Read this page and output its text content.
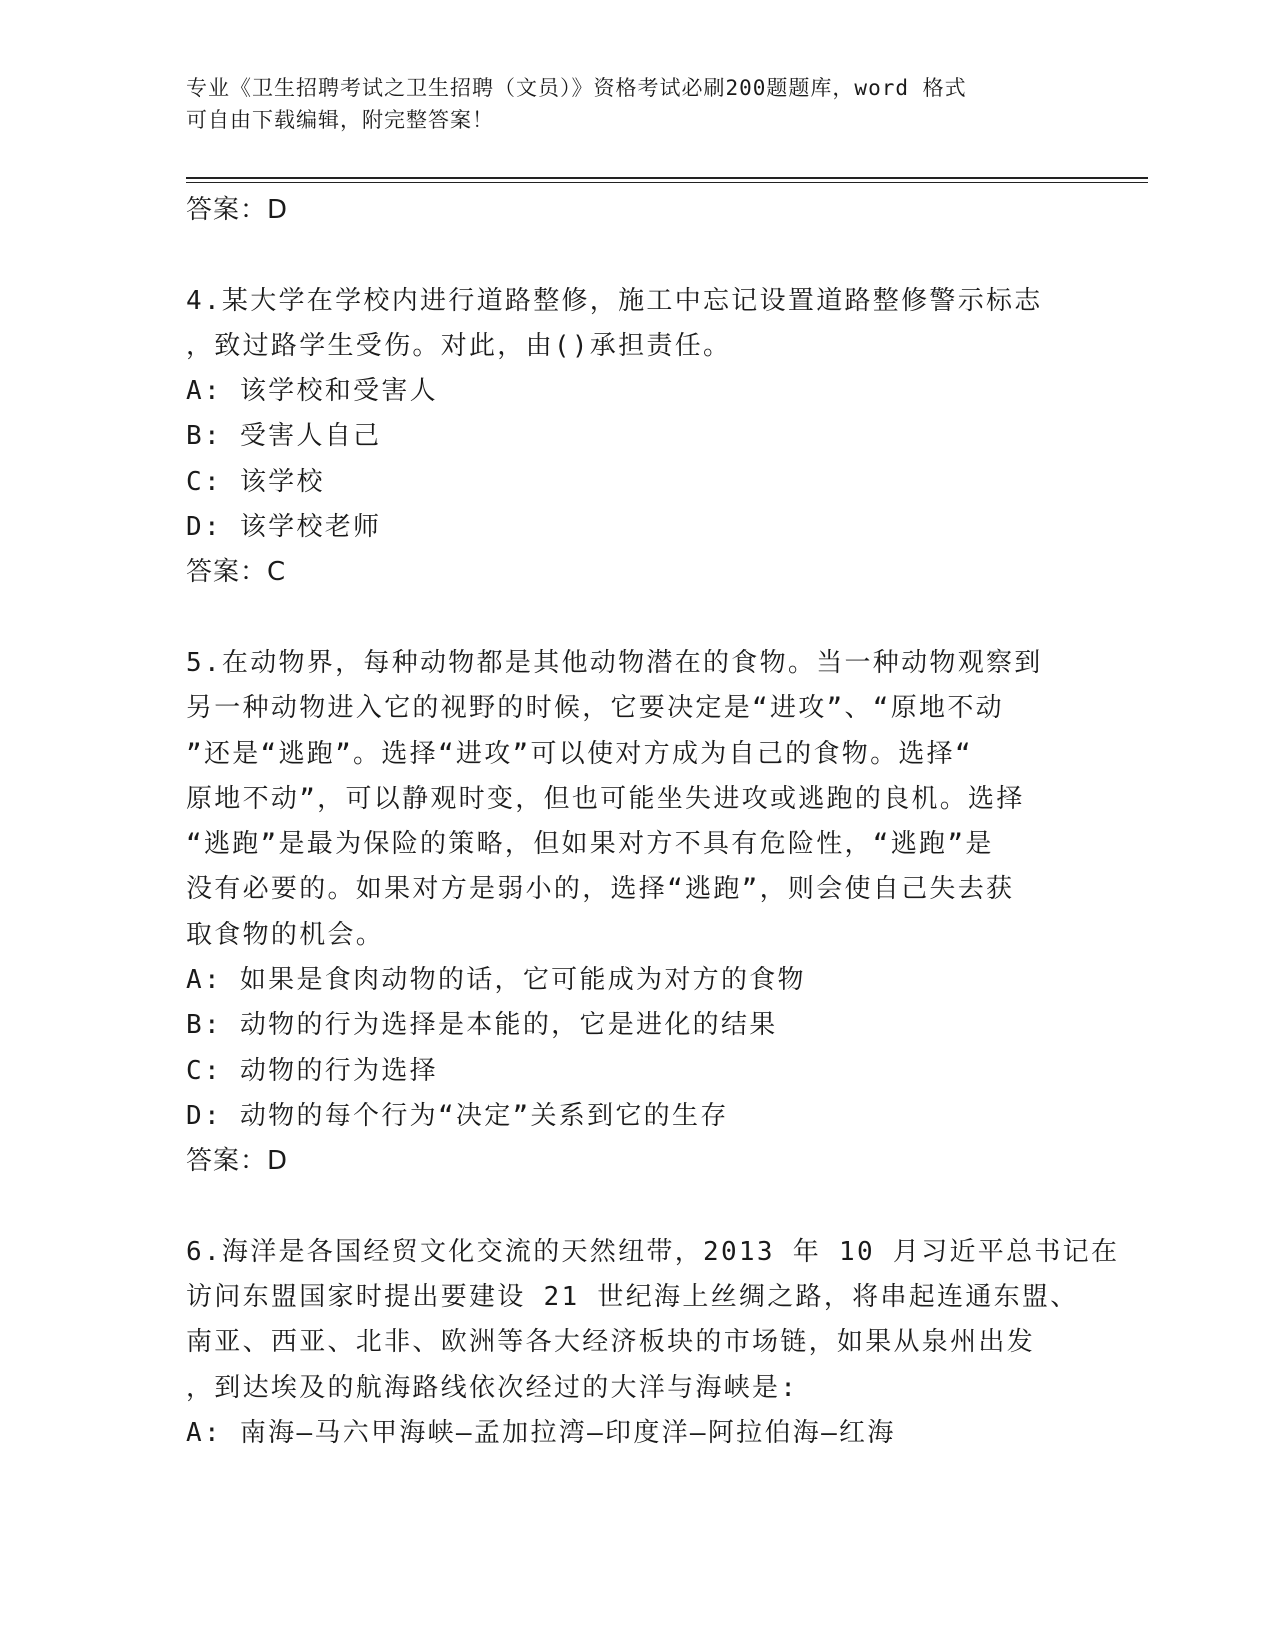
专业《卫生招聘考试之卫生招聘（文员）》资格考试必刷200题题库，word 格式
可自由下载编辑，附完整答案！
答案：D
4.某大学在学校内进行道路整修，施工中忘记设置道路整修警示标志
，致过路学生受伤。对此，由()承担责任。
A: 该学校和受害人
B: 受害人自己
C: 该学校
D: 该学校老师
答案：C
5.在动物界，每种动物都是其他动物潜在的食物。当一种动物观察到
另一种动物进入它的视野的时候，它要决定是“进攻”、“原地不动
”还是“逃跑”。选择“进攻”可以使对方成为自己的食物。选择“
原地不动”，可以静观时变，但也可能坐失进攻或逃跑的良机。选择
“逃跑”是最为保险的策略，但如果对方不具有危险性，“逃跑”是
没有必要的。如果对方是弱小的，选择“逃跑”，则会使自己失去获
取食物的机会。
A: 如果是食肉动物的话，它可能成为对方的食物
B: 动物的行为选择是本能的，它是进化的结果
C: 动物的行为选择
D: 动物的每个行为“决定”关系到它的生存
答案：D
6.海洋是各国经贸文化交流的天然纽带，2013 年 10 月习近平总书记在
访问东盟国家时提出要建设 21 世纪海上丝绸之路，将串起连通东盟、
南亚、西亚、北非、欧洲等各大经济板块的市场链，如果从泉州出发
，到达埃及的航海路线依次经过的大洋与海峡是:
A: 南海—马六甲海峡—孟加拉湾—印度洋—阿拉伯海—红海
